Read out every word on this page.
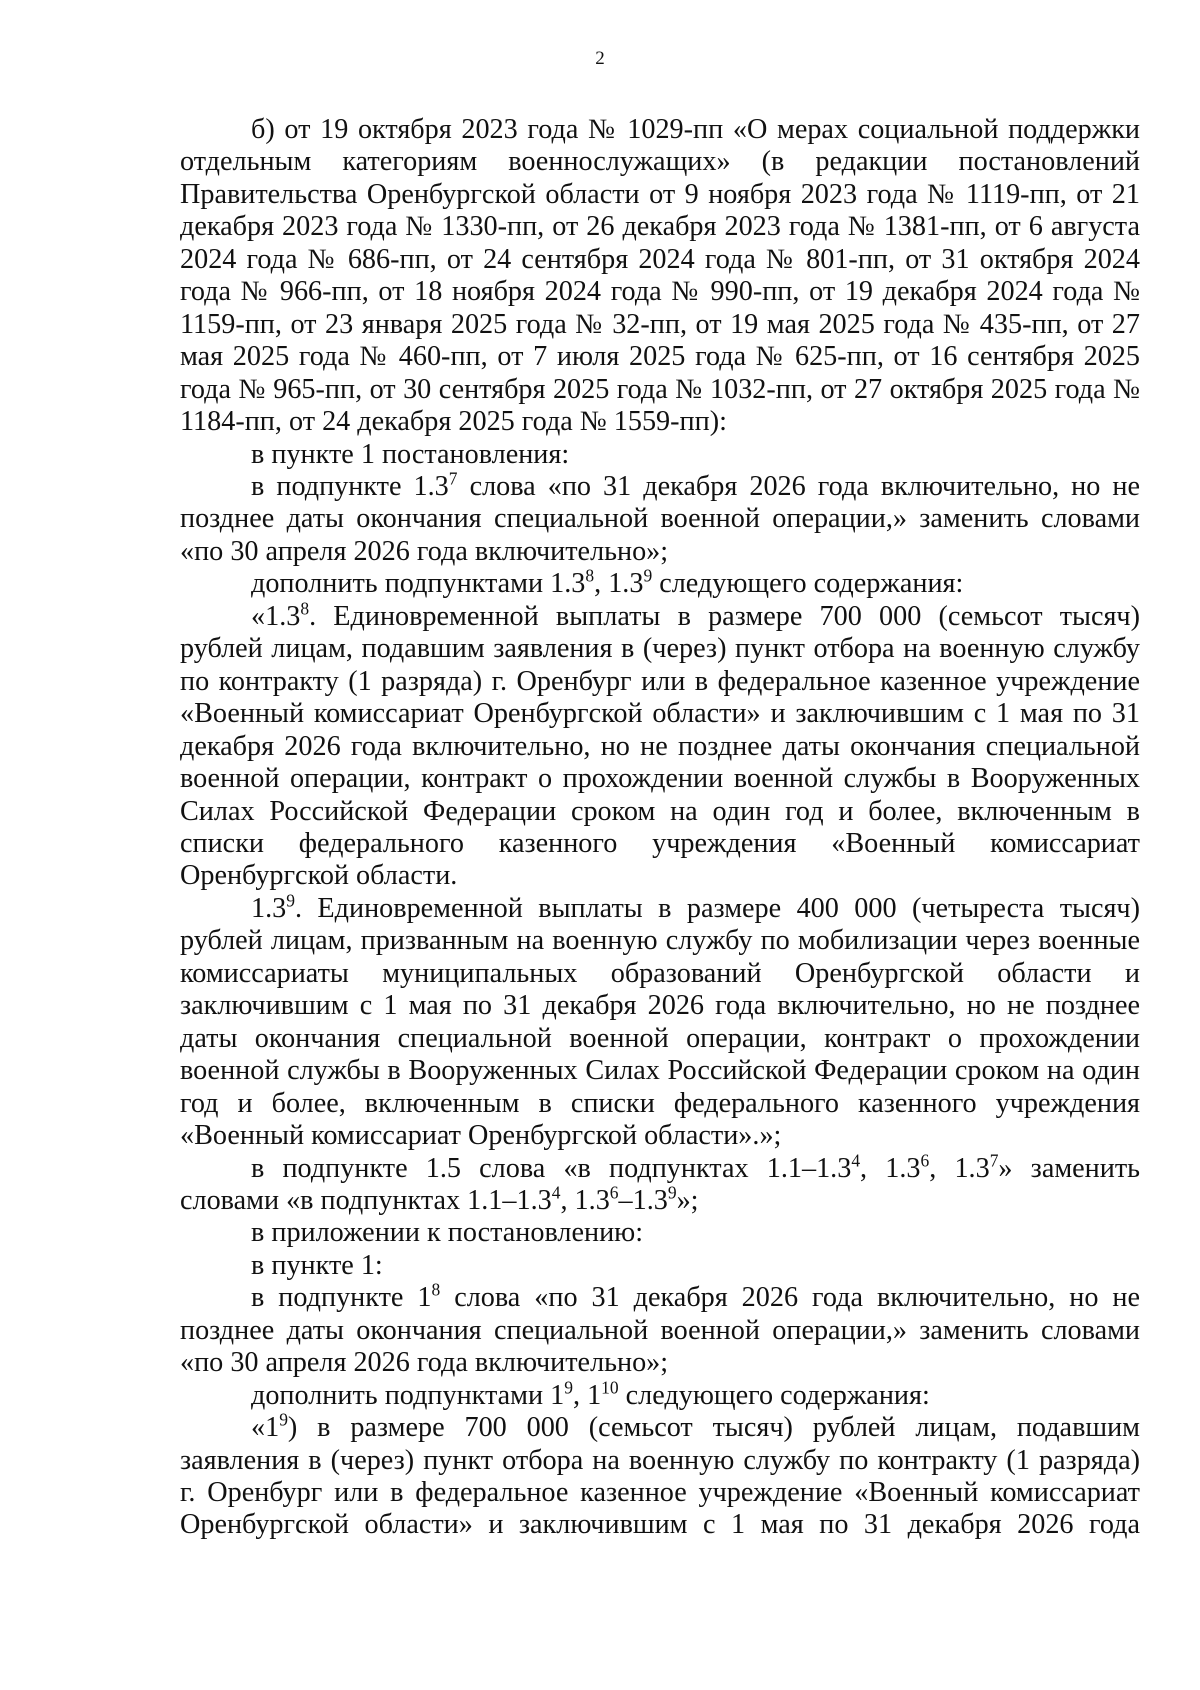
2

б) от 19 октября 2023 года № 1029-пп «О мерах социальной поддержки отдельным категориям военнослужащих» (в редакции постановлений Правительства Оренбургской области от 9 ноября 2023 года № 1119-пп, от 21 декабря 2023 года № 1330-пп, от 26 декабря 2023 года № 1381-пп, от 6 августа 2024 года № 686-пп, от 24 сентября 2024 года № 801-пп, от 31 октября 2024 года № 966-пп, от 18 ноября 2024 года № 990-пп, от 19 декабря 2024 года № 1159-пп, от 23 января 2025 года № 32-пп, от 19 мая 2025 года № 435-пп, от 27 мая 2025 года № 460-пп, от 7 июля 2025 года № 625-пп, от 16 сентября 2025 года № 965-пп, от 30 сентября 2025 года № 1032-пп, от 27 октября 2025 года № 1184-пп, от 24 декабря 2025 года № 1559-пп):

в пункте 1 постановления:

в подпункте $1.3^7$ слова «по 31 декабря 2026 года включительно, но не позднее даты окончания специальной военной операции,» заменить словами «по 30 апреля 2026 года включительно»;

дополнить подпунктами $1.3^8$, $1.3^9$ следующего содержания:

«$1.3^8$. Единовременной выплаты в размере 700 000 (семьсот тысяч) рублей лицам, подавшим заявления в (через) пункт отбора на военную службу по контракту (1 разряда) г. Оренбург или в федеральное казенное учреждение «Военный комиссариат Оренбургской области» и заключившим с 1 мая по 31 декабря 2026 года включительно, но не позднее даты окончания специальной военной операции, контракт о прохождении военной службы в Вооруженных Силах Российской Федерации сроком на один год и более, включенным в списки федерального казенного учреждения «Военный комиссариат Оренбургской области.

$1.3^9$. Единовременной выплаты в размере 400 000 (четыреста тысяч) рублей лицам, призванным на военную службу по мобилизации через военные комиссариаты муниципальных образований Оренбургской области и заключившим с 1 мая по 31 декабря 2026 года включительно, но не позднее даты окончания специальной военной операции, контракт о прохождении военной службы в Вооруженных Силах Российской Федерации сроком на один год и более, включенным в списки федерального казенного учреждения «Военный комиссариат Оренбургской области».»;

в подпункте 1.5 слова «в подпунктах $1.1-1.3^4$, $1.3^6$, $1.3^7$» заменить словами «в подпунктах $1.1-1.3^4$, $1.3^6-1.3^9$»;

в приложении к постановлению:

в пункте 1:

в подпункте $1^8$ слова «по 31 декабря 2026 года включительно, но не позднее даты окончания специальной военной операции,» заменить словами «по 30 апреля 2026 года включительно»;

дополнить подпунктами $1^9$, $1^{10}$ следующего содержания:

«$1^9$) в размере 700 000 (семьсот тысяч) рублей лицам, подавшим заявления в (через) пункт отбора на военную службу по контракту (1 разряда) г. Оренбург или в федеральное казенное учреждение «Военный комиссариат Оренбургской области» и заключившим с 1 мая по 31 декабря 2026 года
